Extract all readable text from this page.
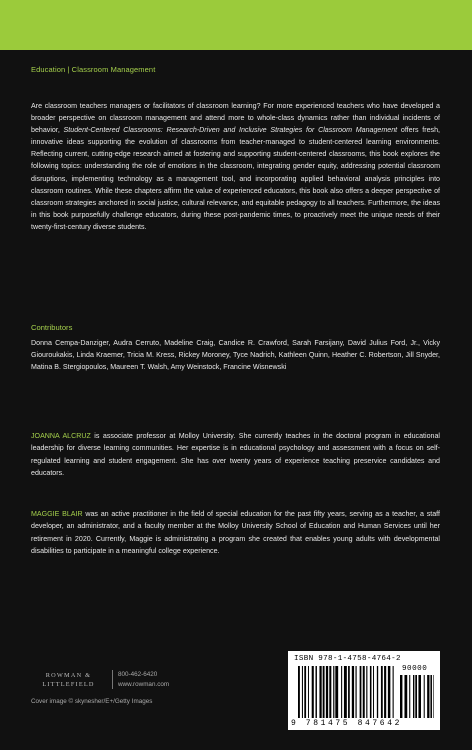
Education | Classroom Management
Are classroom teachers managers or facilitators of classroom learning? For more experienced teachers who have developed a broader perspective on classroom management and attend more to whole-class dynamics rather than individual incidents of behavior, Student-Centered Classrooms: Research-Driven and Inclusive Strategies for Classroom Management offers fresh, innovative ideas supporting the evolution of classrooms from teacher-managed to student-centered learning environments. Reflecting current, cutting-edge research aimed at fostering and supporting student-centered classrooms, this book explores the following topics: understanding the role of emotions in the classroom, integrating gender equity, addressing potential classroom disruptions, implementing technology as a management tool, and incorporating applied behavioral analysis principles into classroom routines. While these chapters affirm the value of experienced educators, this book also offers a deeper perspective of classroom strategies anchored in social justice, cultural relevance, and equitable pedagogy to all teachers. Furthermore, the ideas in this book purposefully challenge educators, during these post-pandemic times, to proactively meet the unique needs of their twenty-first-century diverse students.
Contributors
Donna Cempa-Danziger, Audra Cerruto, Madeline Craig, Candice R. Crawford, Sarah Farsijany, David Julius Ford, Jr., Vicky Giouroukakis, Linda Kraemer, Tricia M. Kress, Rickey Moroney, Tyce Nadrich, Kathleen Quinn, Heather C. Robertson, Jill Snyder, Matina B. Stergiopoulos, Maureen T. Walsh, Amy Weinstock, Francine Wisnewski
JOANNA ALCRUZ is associate professor at Molloy University. She currently teaches in the doctoral program in educational leadership for diverse learning communities. Her expertise is in educational psychology and assessment with a focus on self-regulated learning and student engagement. She has over twenty years of experience teaching preservice candidates and educators.
MAGGIE BLAIR was an active practitioner in the field of special education for the past fifty years, serving as a teacher, a staff developer, an administrator, and a faculty member at the Molloy University School of Education and Human Services until her retirement in 2020. Currently, Maggie is administrating a program she created that enables young adults with developmental disabilities to participate in a meaningful college experience.
ROWMAN &
LITTLEFIELD
800-462-6420
www.rowman.com
Cover image © skynesher/E+/Getty Images
ISBN 978-1-4758-4764-2
90000
9 781475 847642
